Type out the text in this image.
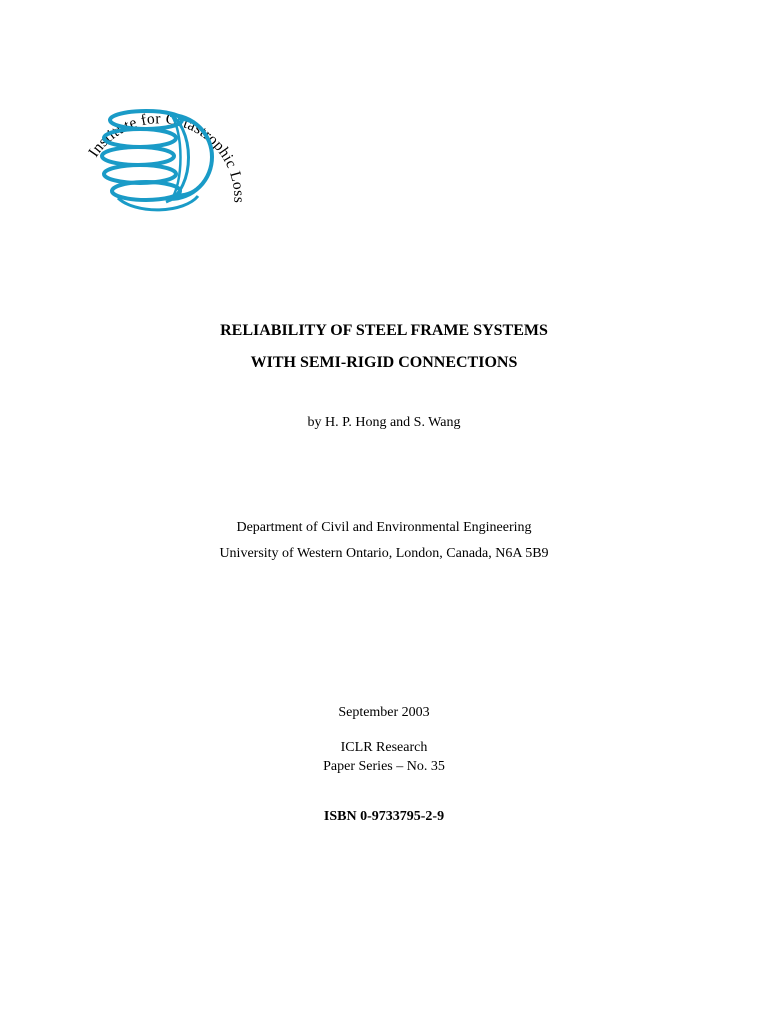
nstitute for Catastrophic Loss
RELIABILITY OF STEEL FRAME SYSTEMS
WITH SEMI-RIGID CONNECTIONS
by H. P. Hong and S. Wang
Department of Civil and Environmental Engineering
University of Western Ontario, London, Canada, N6A 5B9
September 2003
ICLR Research
Paper Series – No. 35
ISBN 0-9733795-2-9
